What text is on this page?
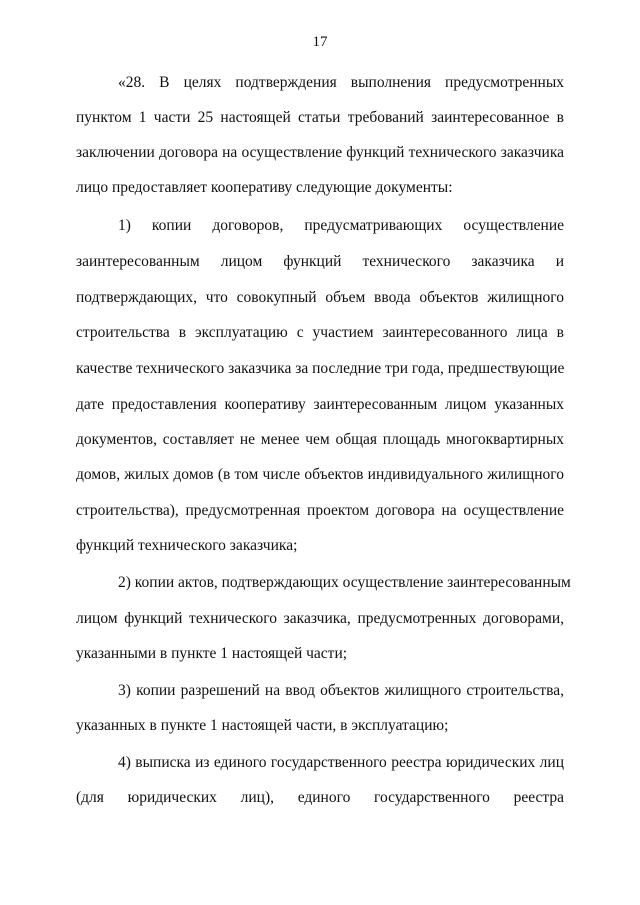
17
«28. В целях подтверждения выполнения предусмотренных
пунктом 1 части 25 настоящей статьи требований заинтересованное в
заключении договора на осуществление функций технического заказчика
лицо предоставляет кооперативу следующие документы:
1) копии договоров, предусматривающих осуществление
заинтересованным лицом функций технического заказчика и
подтверждающих, что совокупный объем ввода объектов жилищного
строительства в эксплуатацию с участием заинтересованного лица в
качестве технического заказчика за последние три года, предшествующие
дате предоставления кооперативу заинтересованным лицом указанных
документов, составляет не менее чем общая площадь многоквартирных
домов, жилых домов (в том числе объектов индивидуального жилищного
строительства), предусмотренная проектом договора на осуществление
функций технического заказчика;
2) копии актов, подтверждающих осуществление заинтересованным
лицом функций технического заказчика, предусмотренных договорами,
указанными в пункте 1 настоящей части;
3) копии разрешений на ввод объектов жилищного строительства,
указанных в пункте 1 настоящей части, в эксплуатацию;
4) выписка из единого государственного реестра юридических лиц
(для юридических лиц), единого государственного реестра
